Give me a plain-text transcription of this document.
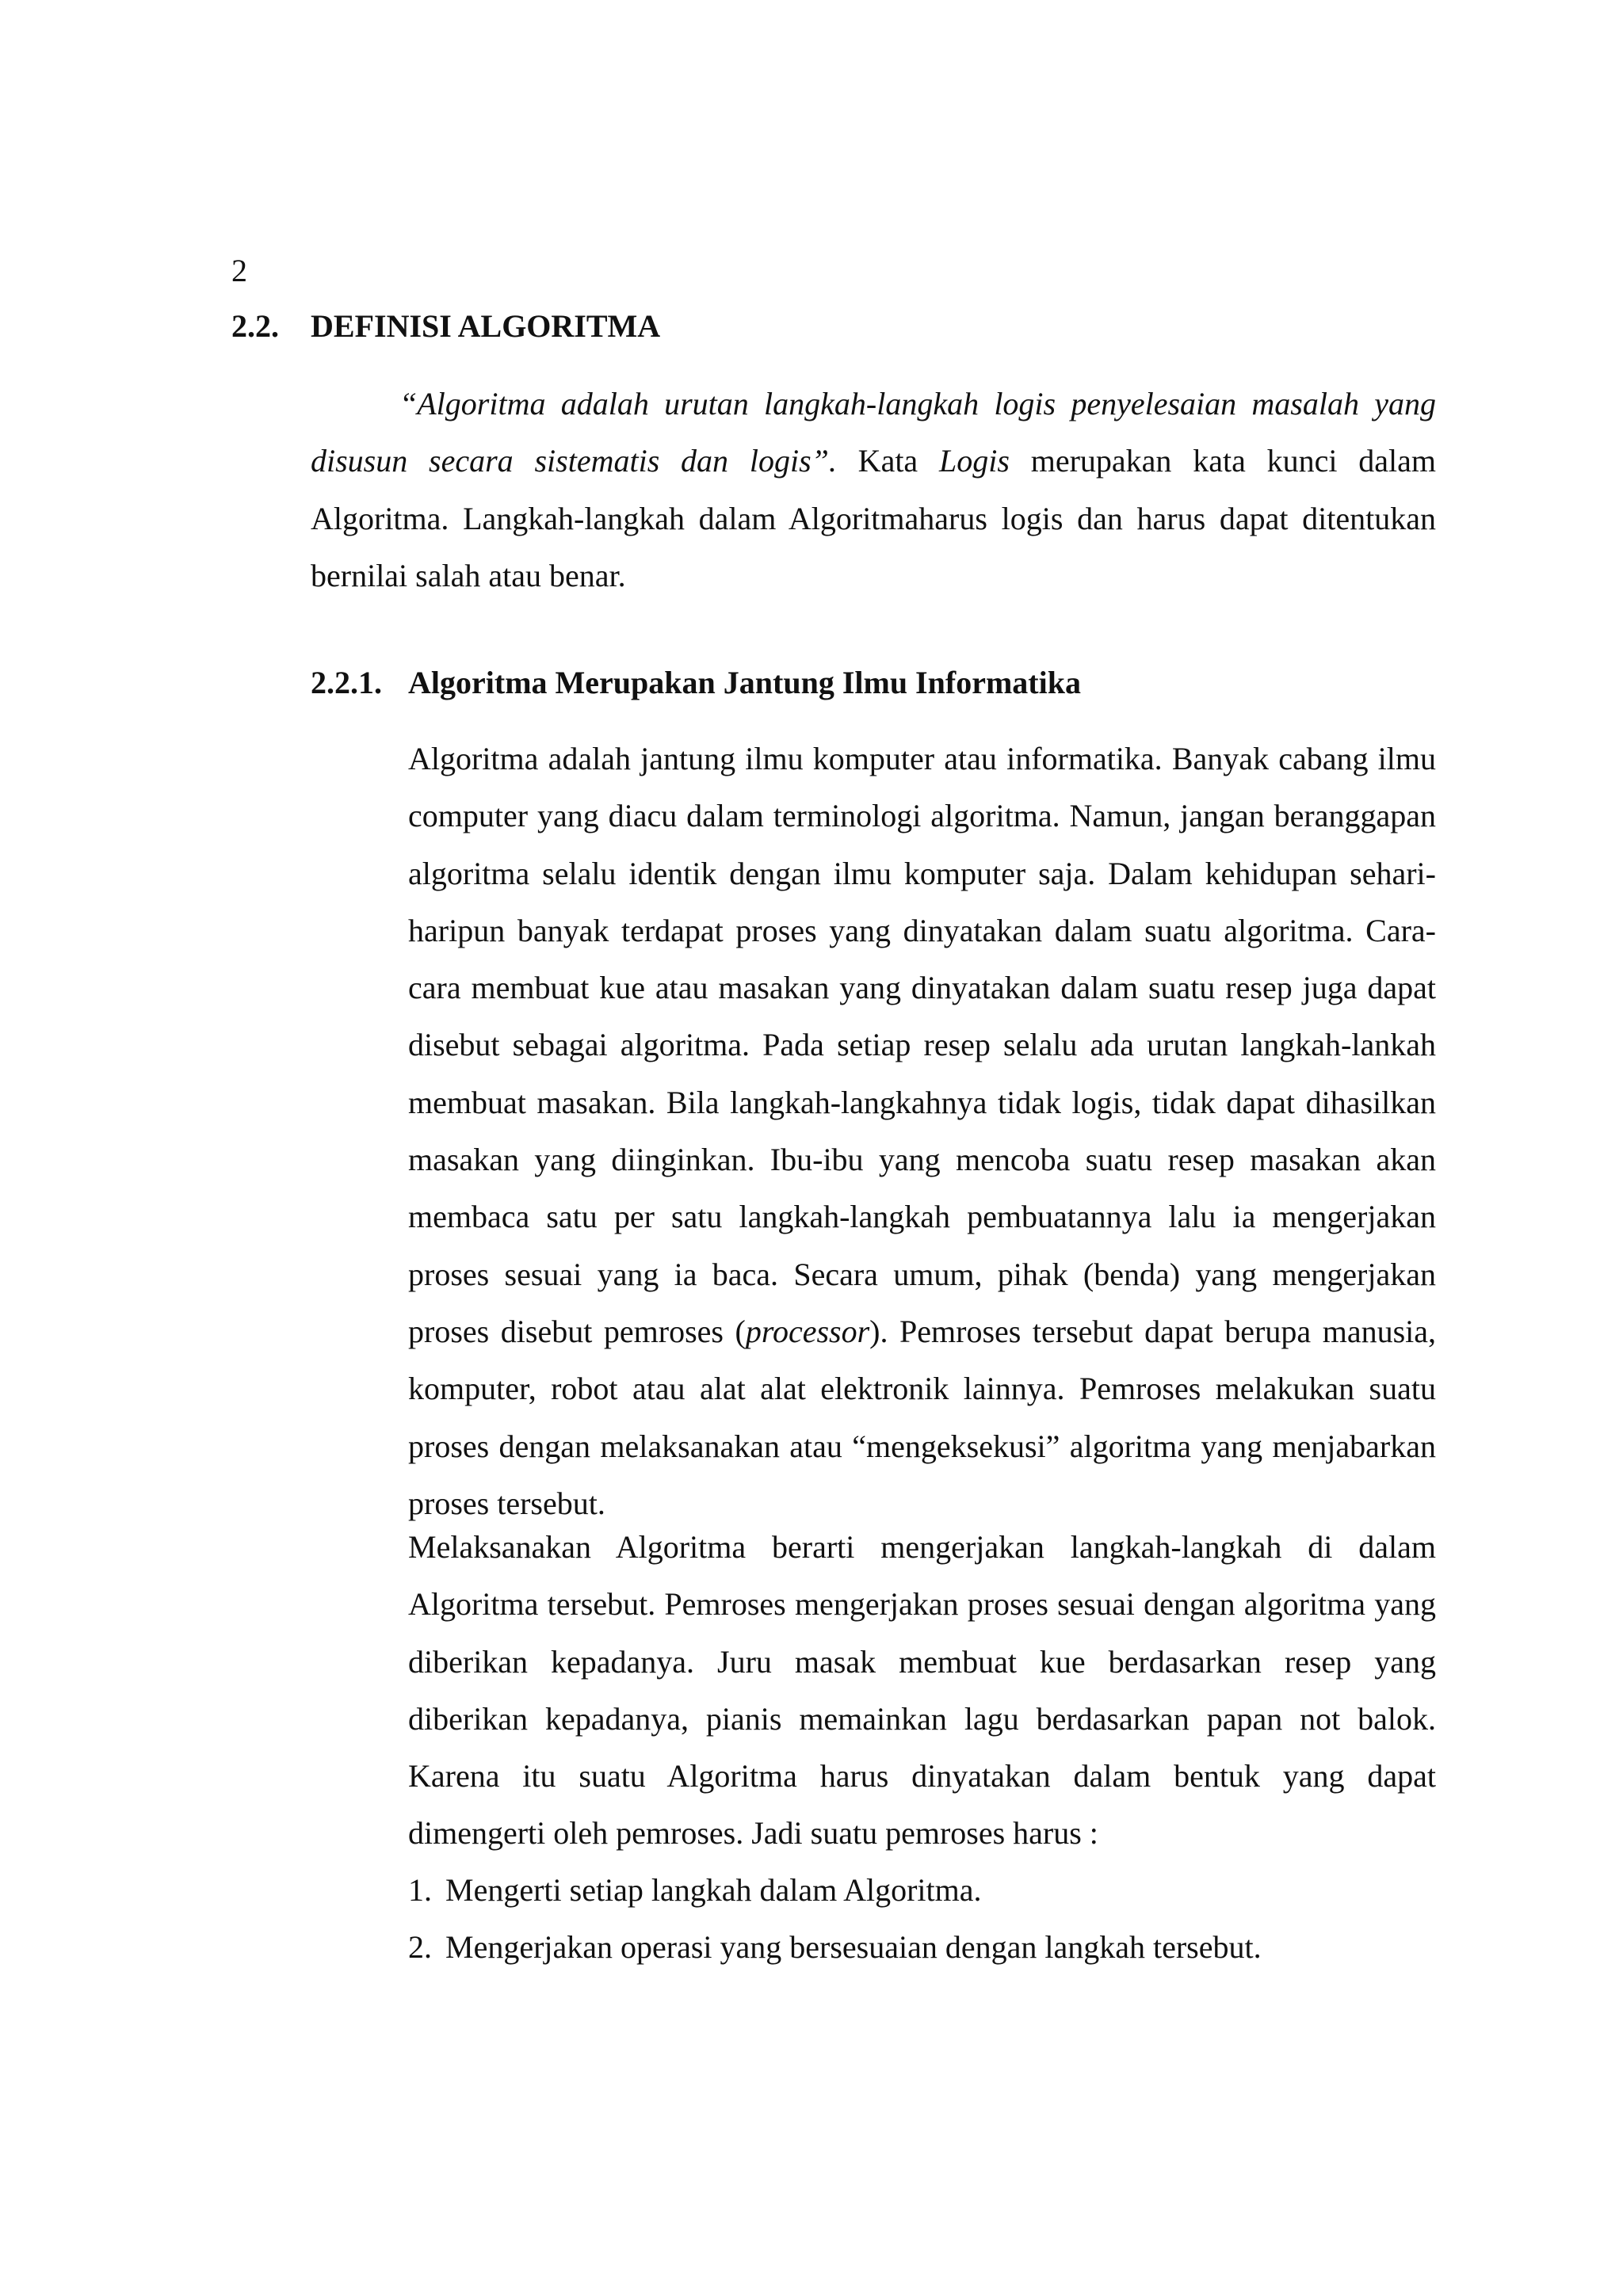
2
2.2. DEFINISI ALGORITMA

“Algoritma adalah urutan langkah-langkah logis penyelesaian masalah yang disusun secara sistematis dan logis”. Kata Logis merupakan kata kunci dalam Algoritma. Langkah-langkah dalam Algoritmaharus logis dan harus dapat ditentukan bernilai salah atau benar.

2.2.1. Algoritma Merupakan Jantung Ilmu Informatika

Algoritma adalah jantung ilmu komputer atau informatika. Banyak cabang ilmu computer yang diacu dalam terminologi algoritma. Namun, jangan beranggapan algoritma selalu identik dengan ilmu komputer saja. Dalam kehidupan sehari-haripun banyak terdapat proses yang dinyatakan dalam suatu algoritma. Cara-cara membuat kue atau masakan yang dinyatakan dalam suatu resep juga dapat disebut sebagai algoritma. Pada setiap resep selalu ada urutan langkah-lankah membuat masakan. Bila langkah-langkahnya tidak logis, tidak dapat dihasilkan masakan yang diinginkan. Ibu-ibu yang mencoba suatu resep masakan akan membaca satu per satu langkah-langkah pembuatannya lalu ia mengerjakan proses sesuai yang ia baca. Secara umum, pihak (benda) yang mengerjakan proses disebut pemroses (processor). Pemroses tersebut dapat berupa manusia, komputer, robot atau alat alat elektronik lainnya. Pemroses melakukan suatu proses dengan melaksanakan atau “mengeksekusi” algoritma yang menjabarkan proses tersebut.

Melaksanakan Algoritma berarti mengerjakan langkah-langkah di dalam Algoritma tersebut. Pemroses mengerjakan proses sesuai dengan algoritma yang diberikan kepadanya. Juru masak membuat kue berdasarkan resep yang diberikan kepadanya, pianis memainkan lagu berdasarkan papan not balok. Karena itu suatu Algoritma harus dinyatakan dalam bentuk yang dapat dimengerti oleh pemroses. Jadi suatu pemroses harus :

1. Mengerti setiap langkah dalam Algoritma.
2. Mengerjakan operasi yang bersesuaian dengan langkah tersebut.
